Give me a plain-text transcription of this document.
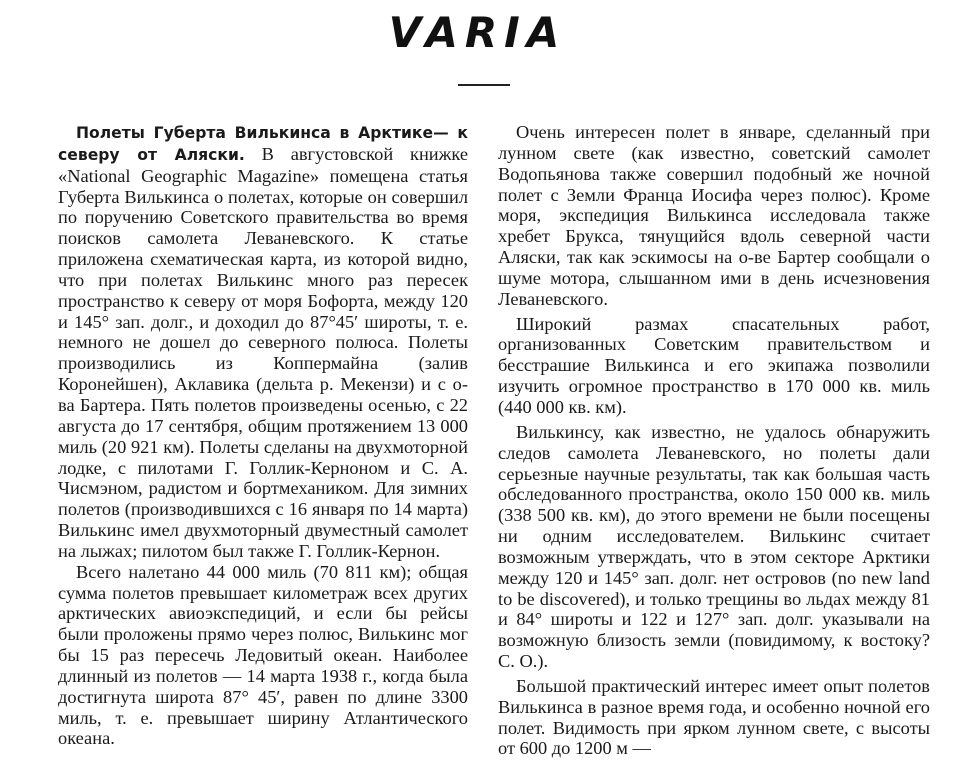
VARIA

Полеты Губерта Вилькинса в Арктике— к северу от Аляски. В августовской книжке «National Geographic Magazine» помещена статья Губерта Вилькинса о полетах, которые он совершил по поручению Советского правительства во время поисков самолета Леваневского. К статье приложена схематическая карта, из которой видно, что при полетах Вилькинс много раз пересек пространство к северу от моря Бофорта, между 120 и 145° зап. долг., и доходил до 87°45′ широты, т. е. немного не дошел до северного полюса. Полеты производились из Коппермайна (залив Коронейшен), Аклавика (дельта р. Мекензи) и с о-ва Бартера. Пять полетов произведены осенью, с 22 августа до 17 сентября, общим протяжением 13 000 миль (20 921 км). Полеты сделаны на двухмоторной лодке, с пилотами Г. Голлик-Керноном и С. А. Чисмэном, радистом и бортмехаником. Для зимних полетов (производившихся с 16 января по 14 марта) Вилькинс имел двухмоторный двуместный самолет на лыжах; пилотом был также Г. Голлик-Кернон.

Всего налетано 44 000 миль (70 811 км); общая сумма полетов превышает километраж всех других арктических авиоэкспедиций, и если бы рейсы были проложены прямо через полюс, Вилькинс мог бы 15 раз пересечь Ледовитый океан. Наиболее длинный из полетов — 14 марта 1938 г., когда была достигнута широта 87° 45′, равен по длине 3300 миль, т. е. превышает ширину Атлантического океана.

Очень интересен полет в январе, сделанный при лунном свете (как известно, советский самолет Водопьянова также совершил подобный же ночной полет с Земли Франца Иосифа через полюс). Кроме моря, экспедиция Вилькинса исследовала также хребет Брукса, тянущийся вдоль северной части Аляски, так как эскимосы на о-ве Бартер сообщали о шуме мотора, слышанном ими в день исчезновения Леваневского.

Широкий размах спасательных работ, организованных Советским правительством и бесстрашие Вилькинса и его экипажа позволили изучить огромное пространство в 170 000 кв. миль (440 000 кв. км).

Вилькинсу, как известно, не удалось обнаружить следов самолета Леваневского, но полеты дали серьезные научные результаты, так как большая часть обследованного пространства, около 150 000 кв. миль (338 500 кв. км), до этого времени не были посещены ни одним исследователем. Вилькинс считает возможным утверждать, что в этом секторе Арктики между 120 и 145° зап. долг. нет островов (no new land to be discovered), и только трещины во льдах между 81 и 84° широты и 122 и 127° зап. долг. указывали на возможную близость земли (повидимому, к востоку? С. О.).

Большой практический интерес имеет опыт полетов Вилькинса в разное время года, и особенно ночной его полет. Видимость при ярком лунном свете, с высоты от 600 до 1200 м —
